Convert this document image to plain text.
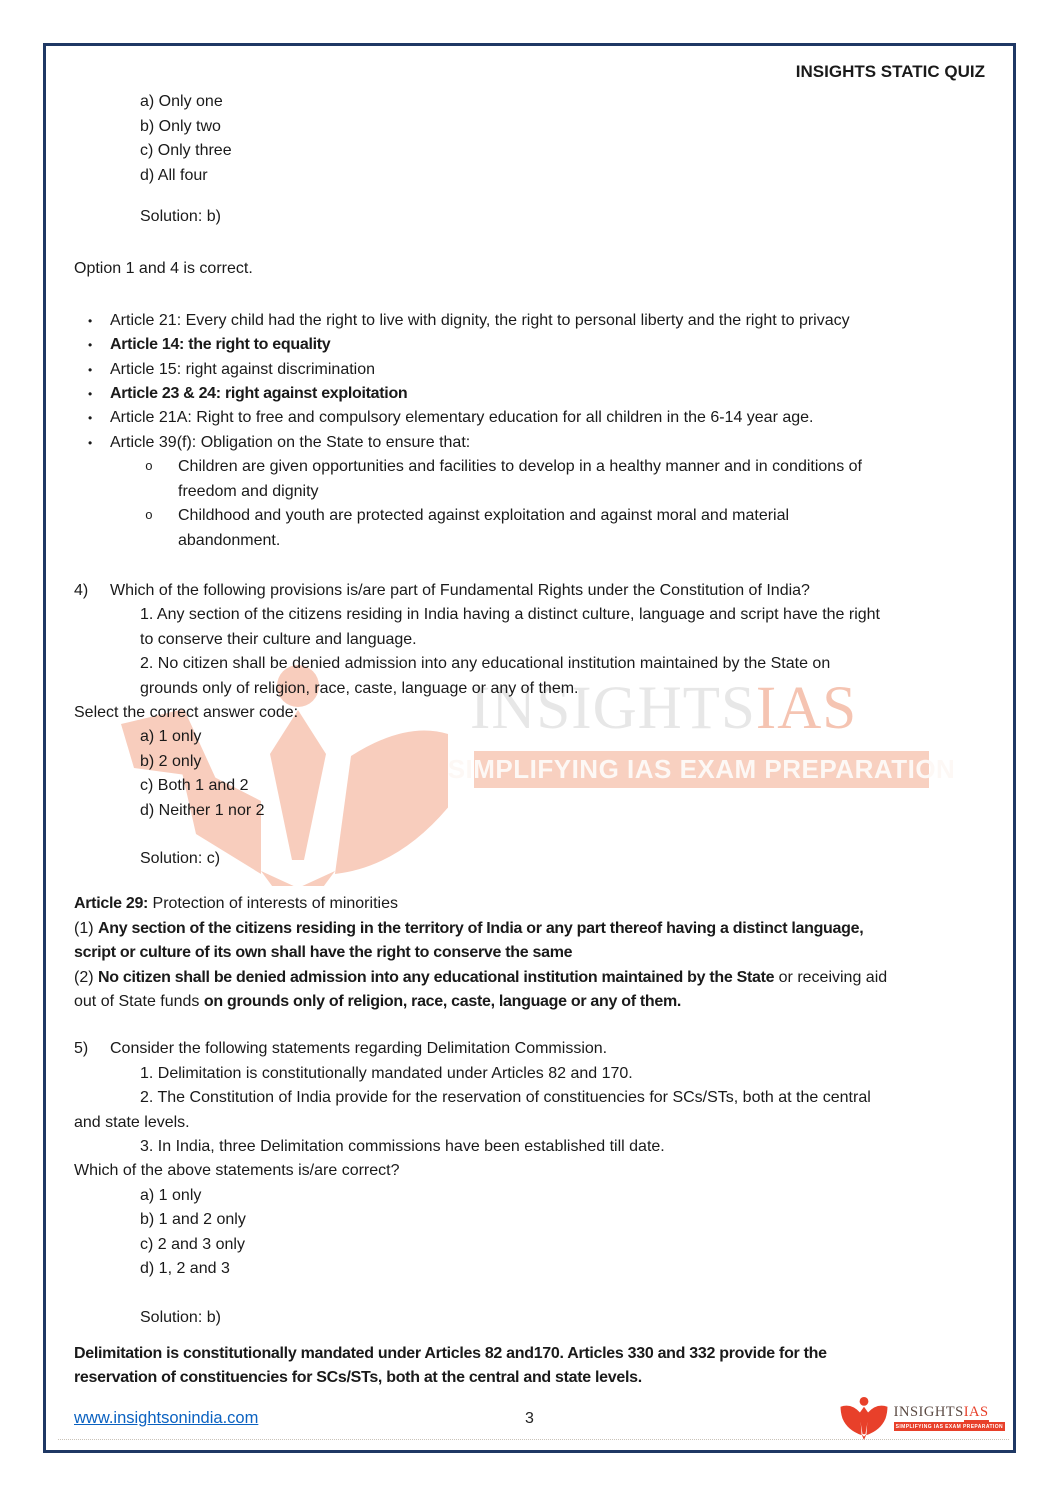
INSIGHTSIAS
SIMPLIFYING IAS EXAM PREPARATION
INSIGHTS STATIC QUIZ
a) Only one
b) Only two
c) Only three
d) All four
Solution: b)
Option 1 and 4 is correct.
•	Article 21: Every child had the right to live with dignity, the right to personal liberty and the right to privacy
•	Article 14: the right to equality
•	Article 15: right against discrimination
•	Article 23 & 24: right against exploitation
•	Article 21A: Right to free and compulsory elementary education for all children in the 6-14 year age.
•	Article 39(f): Obligation on the State to ensure that:
o	Children are given opportunities and facilities to develop in a healthy manner and in conditions of
freedom and dignity
o	Childhood and youth are protected against exploitation and against moral and material
abandonment.
4)	Which of the following provisions is/are part of Fundamental Rights under the Constitution of India?
1. Any section of the citizens residing in India having a distinct culture, language and script have the right
to conserve their culture and language.
2. No citizen shall be denied admission into any educational institution maintained by the State on
grounds only of religion, race, caste, language or any of them.
Select the correct answer code:
a) 1 only
b) 2 only
c) Both 1 and 2
d) Neither 1 nor 2
Solution: c)
Article 29: Protection of interests of minorities
(1) Any section of the citizens residing in the territory of India or any part thereof having a distinct language,
script or culture of its own shall have the right to conserve the same
(2) No citizen shall be denied admission into any educational institution maintained by the State or receiving aid
out of State funds on grounds only of religion, race, caste, language or any of them.
5)	Consider the following statements regarding Delimitation Commission.
1. Delimitation is constitutionally mandated under Articles 82 and 170.
2. The Constitution of India provide for the reservation of constituencies for SCs/STs, both at the central
and state levels.
3. In India, three Delimitation commissions have been established till date.
Which of the above statements is/are correct?
a) 1 only
b) 1 and 2 only
c) 2 and 3 only
d) 1, 2 and 3
Solution: b)
Delimitation is constitutionally mandated under Articles 82 and170. Articles 330 and 332 provide for the
reservation of constituencies for SCs/STs, both at the central and state levels.
www.insightsonindia.com	3	INSIGHTSIAS
SIMPLIFYING IAS EXAM PREPARATION
